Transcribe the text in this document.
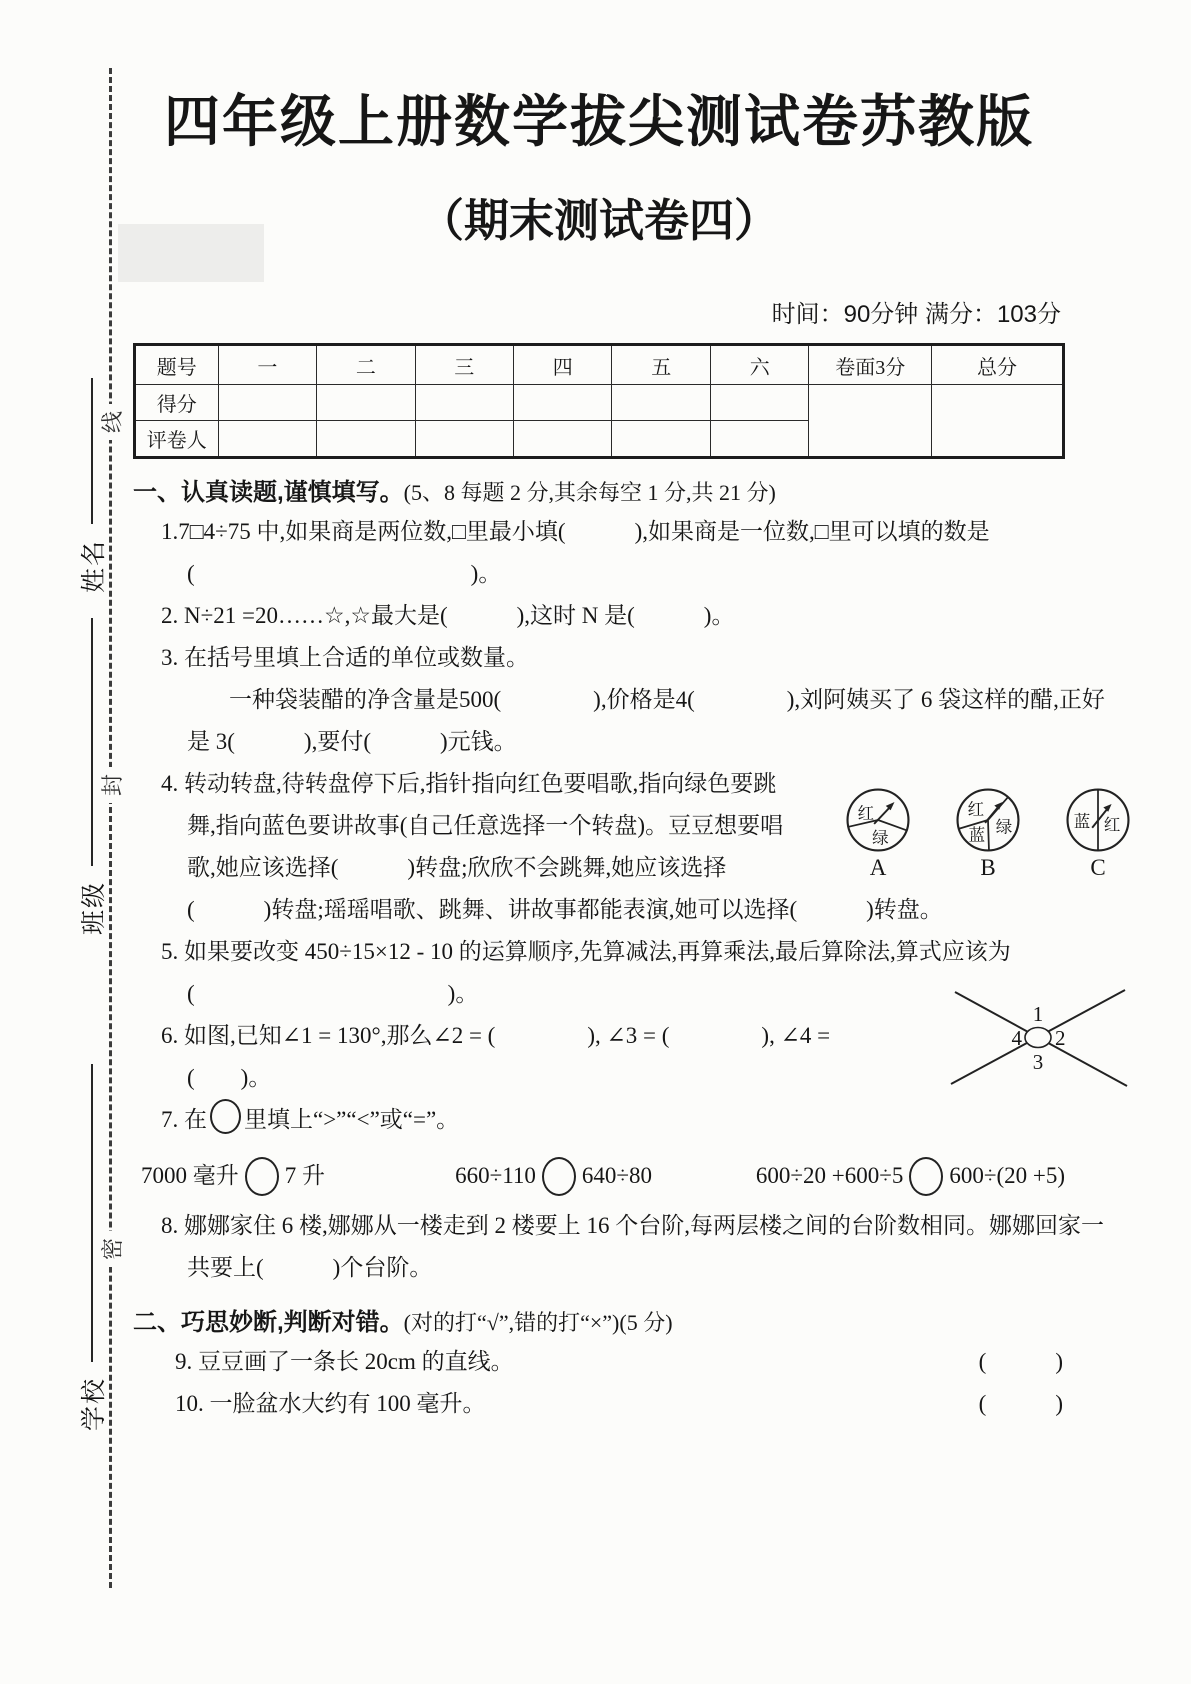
线
封
密
姓名
班级
学校
四年级上册数学拔尖测试卷苏教版
（期末测试卷四）
时间：90分钟 满分：103分
题号	一	二	三	四	五	六	卷面3分	总分
得分								
评卷人								
一、认真读题,谨慎填写。(5、8 每题 2 分,其余每空 1 分,共 21 分)
1.7□4÷75 中,如果商是两位数,□里最小填(　　　),如果商是一位数,□里可以填的数是
(　　　　　　　　　　　　)。
2. N÷21 =20……☆,☆最大是(　　　),这时 N 是(　　　)。
3. 在括号里填上合适的单位或数量。
一种袋装醋的净含量是500(　　　　),价格是4(　　　　),刘阿姨买了 6 袋这样的醋,正好
是 3(　　　),要付(　　　)元钱。
4. 转动转盘,待转盘停下后,指针指向红色要唱歌,指向绿色要跳
舞,指向蓝色要讲故事(自己任意选择一个转盘)。豆豆想要唱
歌,她应该选择(　　　)转盘;欣欣不会跳舞,她应该选择
(　　　)转盘;瑶瑶唱歌、跳舞、讲故事都能表演,她可以选择(　　　)转盘。
红
绿
A
红
蓝 绿
B
蓝 红
C
5. 如果要改变 450÷15×12 - 10 的运算顺序,先算减法,再算乘法,最后算除法,算式应该为
(　　　　　　　　　　　)。
6. 如图,已知∠1 = 130°,那么∠2 = (　　　　), ∠3 = (　　　　), ∠4 =
(　　)。
1
2
3
4
7. 在 里填上“>”“<”或“=”。
7000 毫升 7 升	660÷110 640÷80	600÷20 +600÷5 600÷(20 +5)
8. 娜娜家住 6 楼,娜娜从一楼走到 2 楼要上 16 个台阶,每两层楼之间的台阶数相同。娜娜回家一
共要上(　　　)个台阶。
二、巧思妙断,判断对错。(对的打“√”,错的打“×”)(5 分)
9. 豆豆画了一条长 20cm 的直线。	(　　　)
10. 一脸盆水大约有 100 毫升。	(　　　)
